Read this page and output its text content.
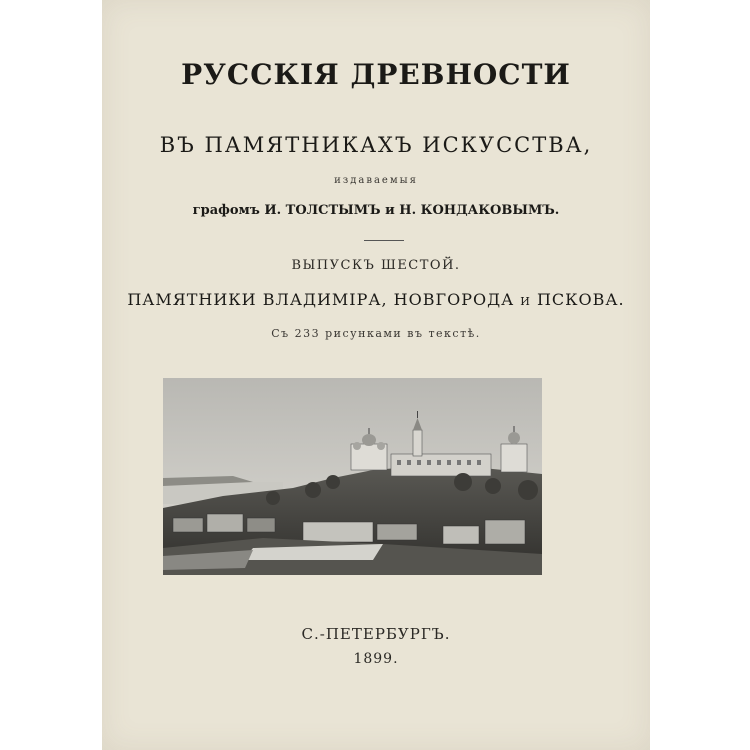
РУССКІЯ ДРЕВНОСТИ
ВЪ ПАМЯТНИКАХЪ ИСКУССТВА,
издаваемыя
графомъ И. ТОЛСТЫМЪ и Н. КОНДАКОВЫМЪ.
ВЫПУСКЪ ШЕСТОЙ.
ПАМЯТНИКИ ВЛАДИМІРА, НОВГОРОДА и ПСКОВА.
Съ 233 рисунками въ текстѣ.
С.-ПЕТЕРБУРГЪ.
1899.
